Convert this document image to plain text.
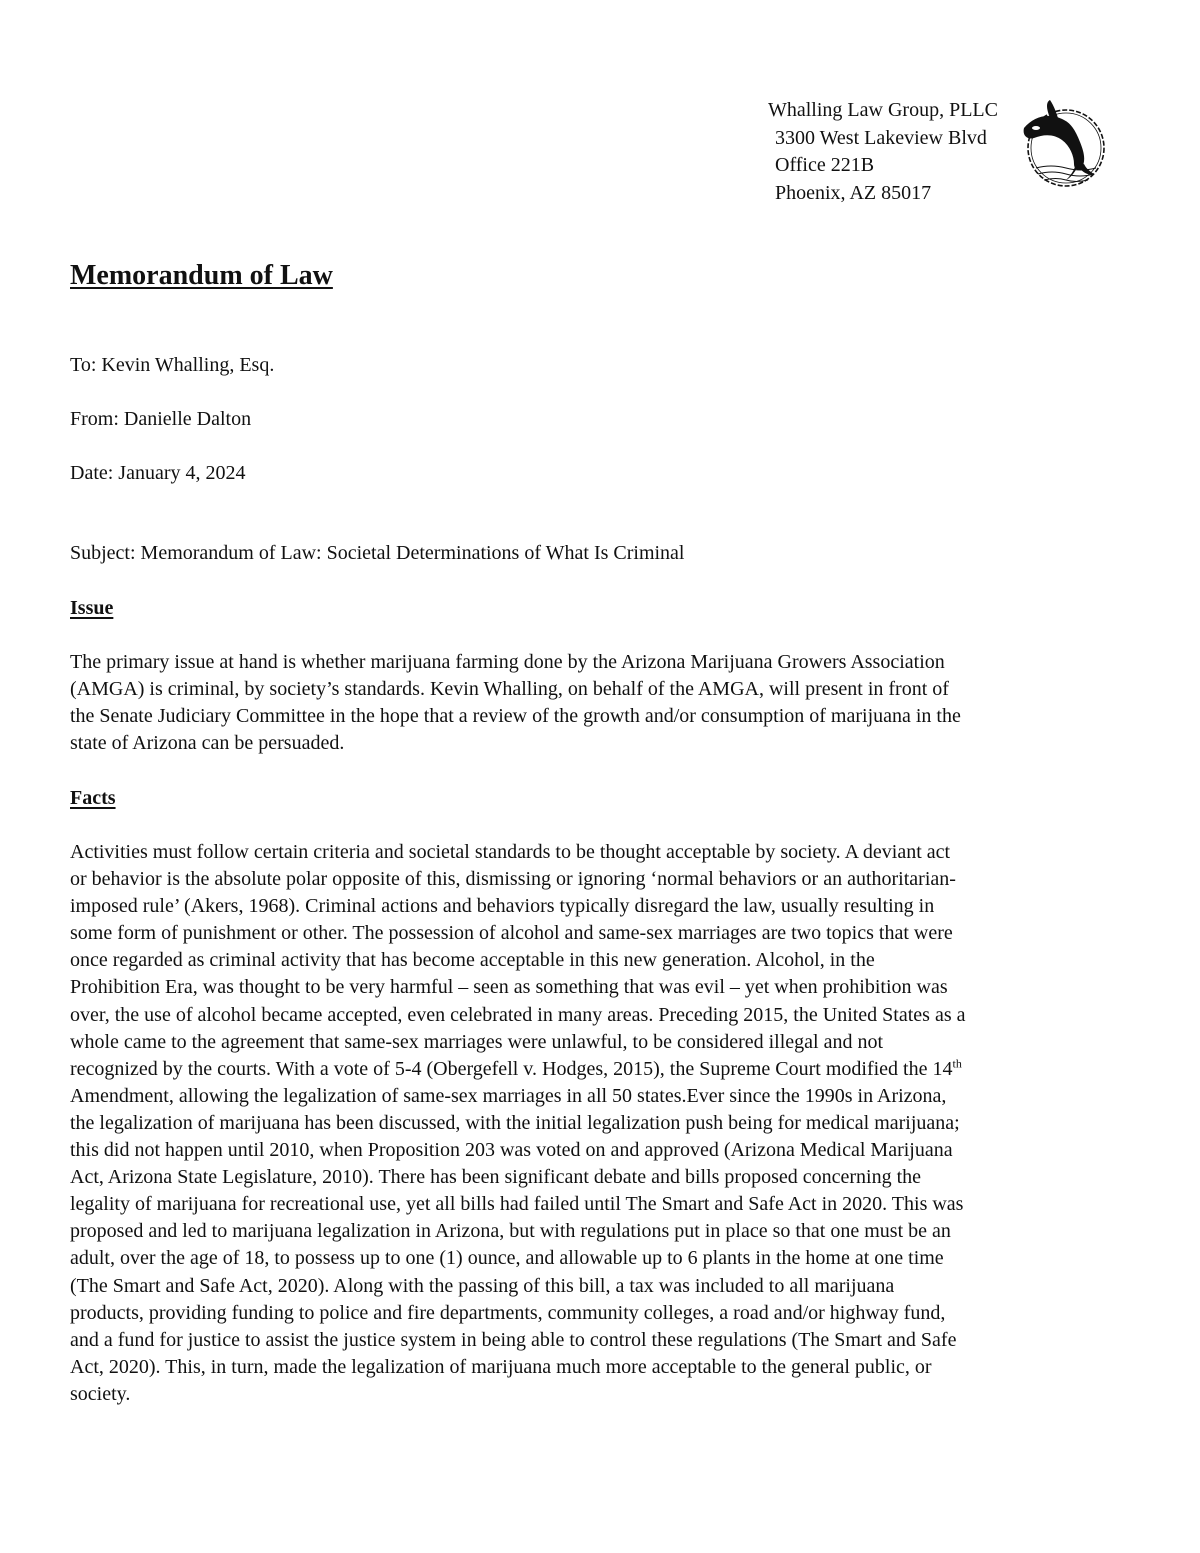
Whalling Law Group, PLLC
3300 West Lakeview Blvd
Office 221B
Phoenix, AZ 85017
Memorandum of Law
To: Kevin Whalling, Esq.
From: Danielle Dalton
Date: January 4, 2024
Subject: Memorandum of Law: Societal Determinations of What Is Criminal
Issue
The primary issue at hand is whether marijuana farming done by the Arizona Marijuana Growers Association
(AMGA) is criminal, by society’s standards. Kevin Whalling, on behalf of the AMGA, will present in front of
the Senate Judiciary Committee in the hope that a review of the growth and/or consumption of marijuana in the
state of Arizona can be persuaded.
Facts
Activities must follow certain criteria and societal standards to be thought acceptable by society. A deviant act
or behavior is the absolute polar opposite of this, dismissing or ignoring ‘normal behaviors or an authoritarian-
imposed rule’ (Akers, 1968). Criminal actions and behaviors typically disregard the law, usually resulting in
some form of punishment or other. The possession of alcohol and same-sex marriages are two topics that were
once regarded as criminal activity that has become acceptable in this new generation. Alcohol, in the
Prohibition Era, was thought to be very harmful – seen as something that was evil – yet when prohibition was
over, the use of alcohol became accepted, even celebrated in many areas. Preceding 2015, the United States as a
whole came to the agreement that same-sex marriages were unlawful, to be considered illegal and not
recognized by the courts. With a vote of 5-4 (Obergefell v. Hodges, 2015), the Supreme Court modified the 14th
Amendment, allowing the legalization of same-sex marriages in all 50 states.Ever since the 1990s in Arizona,
the legalization of marijuana has been discussed, with the initial legalization push being for medical marijuana;
this did not happen until 2010, when Proposition 203 was voted on and approved (Arizona Medical Marijuana
Act, Arizona State Legislature, 2010). There has been significant debate and bills proposed concerning the
legality of marijuana for recreational use, yet all bills had failed until The Smart and Safe Act in 2020. This was
proposed and led to marijuana legalization in Arizona, but with regulations put in place so that one must be an
adult, over the age of 18, to possess up to one (1) ounce, and allowable up to 6 plants in the home at one time
(The Smart and Safe Act, 2020). Along with the passing of this bill, a tax was included to all marijuana
products, providing funding to police and fire departments, community colleges, a road and/or highway fund,
and a fund for justice to assist the justice system in being able to control these regulations (The Smart and Safe
Act, 2020). This, in turn, made the legalization of marijuana much more acceptable to the general public, or
society.
